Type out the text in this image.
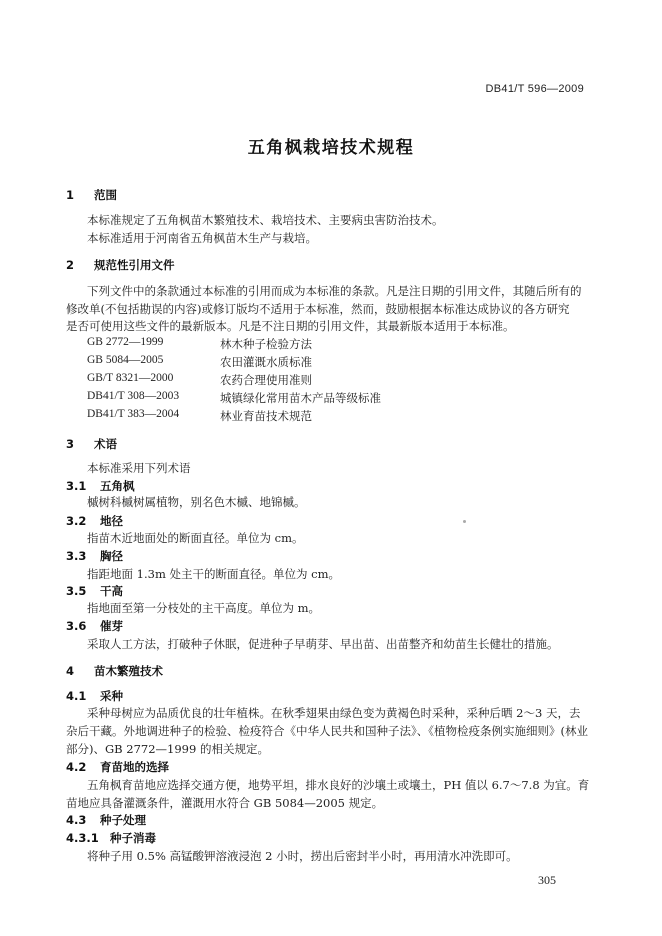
DB41/T 596—2009
五角枫栽培技术规程
1 范围
本标准规定了五角枫苗木繁殖技术、栽培技术、主要病虫害防治技术。
本标准适用于河南省五角枫苗木生产与栽培。
2 规范性引用文件
下列文件中的条款通过本标准的引用而成为本标准的条款。凡是注日期的引用文件，其随后所有的
修改单(不包括勘误的内容)或修订版均不适用于本标准，然而，鼓励根据本标准达成协议的各方研究
是否可使用这些文件的最新版本。凡是不注日期的引用文件，其最新版本适用于本标准。
GB 2772—1999	林木种子检验方法
GB 5084—2005	农田灌溉水质标准
GB/T 8321—2000	农药合理使用准则
DB41/T 308—2003	城镇绿化常用苗木产品等级标准
DB41/T 383—2004	林业育苗技术规范
3 术语
本标准采用下列术语
3.1 五角枫
槭树科槭树属植物，别名色木槭、地锦槭。
3.2 地径
指苗木近地面处的断面直径。单位为 cm。
3.3 胸径
指距地面 1.3m 处主干的断面直径。单位为 cm。
3.5 干高
指地面至第一分枝处的主干高度。单位为 m。
3.6 催芽
采取人工方法，打破种子休眠，促进种子早萌芽、早出苗、出苗整齐和幼苗生长健壮的措施。
4 苗木繁殖技术
4.1 采种
采种母树应为品质优良的壮年植株。在秋季翅果由绿色变为黄褐色时采种，采种后晒 2～3 天，去
杂后干藏。外地调进种子的检验、检疫符合《中华人民共和国种子法》、《植物检疫条例实施细则》(林业
部分)、GB 2772—1999 的相关规定。
4.2 育苗地的选择
五角枫育苗地应选择交通方便，地势平坦，排水良好的沙壤土或壤土，PH 值以 6.7～7.8 为宜。育
苗地应具备灌溉条件，灌溉用水符合 GB 5084—2005 规定。
4.3 种子处理
4.3.1 种子消毒
将种子用 0.5% 高锰酸钾溶液浸泡 2 小时，捞出后密封半小时，再用清水冲洗即可。
305
